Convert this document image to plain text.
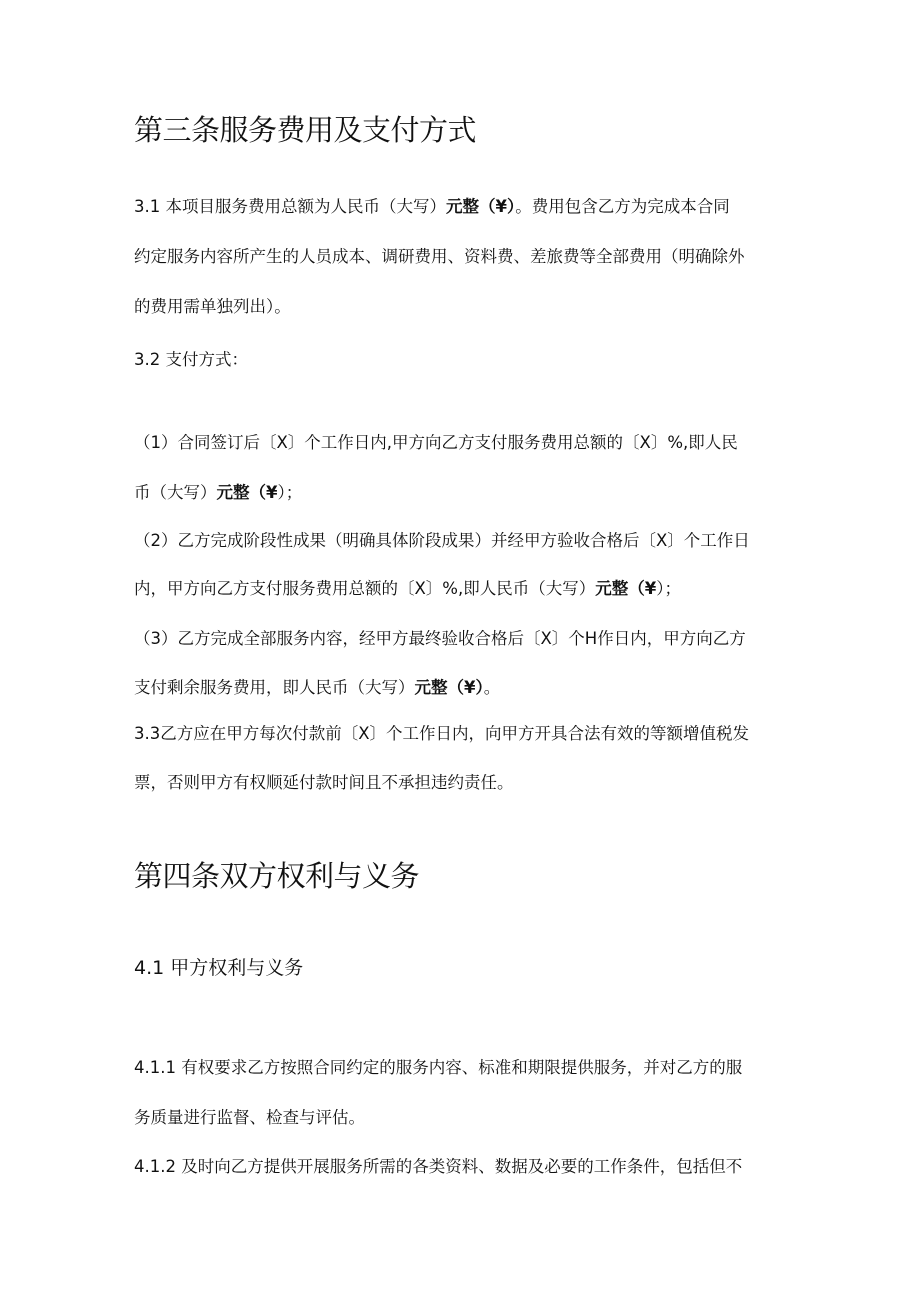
第三条服务费用及支付方式
3.1 本项目服务费用总额为人民币（大写）元整（¥）。费用包含乙方为完成本合同
约定服务内容所产生的人员成本、调研费用、资料费、差旅费等全部费用（明确除外
的费用需单独列出）。
3.2 支付方式：
（1）合同签订后〔X〕个工作日内,甲方向乙方支付服务费用总额的〔X〕%,即人民
币（大写）元整（¥）；
（2）乙方完成阶段性成果（明确具体阶段成果）并经甲方验收合格后〔X〕个工作日
内，甲方向乙方支付服务费用总额的〔X〕%,即人民币（大写）元整（¥）；
（3）乙方完成全部服务内容，经甲方最终验收合格后〔X〕个H作日内，甲方向乙方
支付剩余服务费用，即人民币（大写）元整（¥）。
3.3乙方应在甲方每次付款前〔X〕个工作日内，向甲方开具合法有效的等额增值税发
票，否则甲方有权顺延付款时间且不承担违约责任。
第四条双方权利与义务
4.1 甲方权利与义务
4.1.1 有权要求乙方按照合同约定的服务内容、标准和期限提供服务，并对乙方的服
务质量进行监督、检查与评估。
4.1.2 及时向乙方提供开展服务所需的各类资料、数据及必要的工作条件，包括但不
